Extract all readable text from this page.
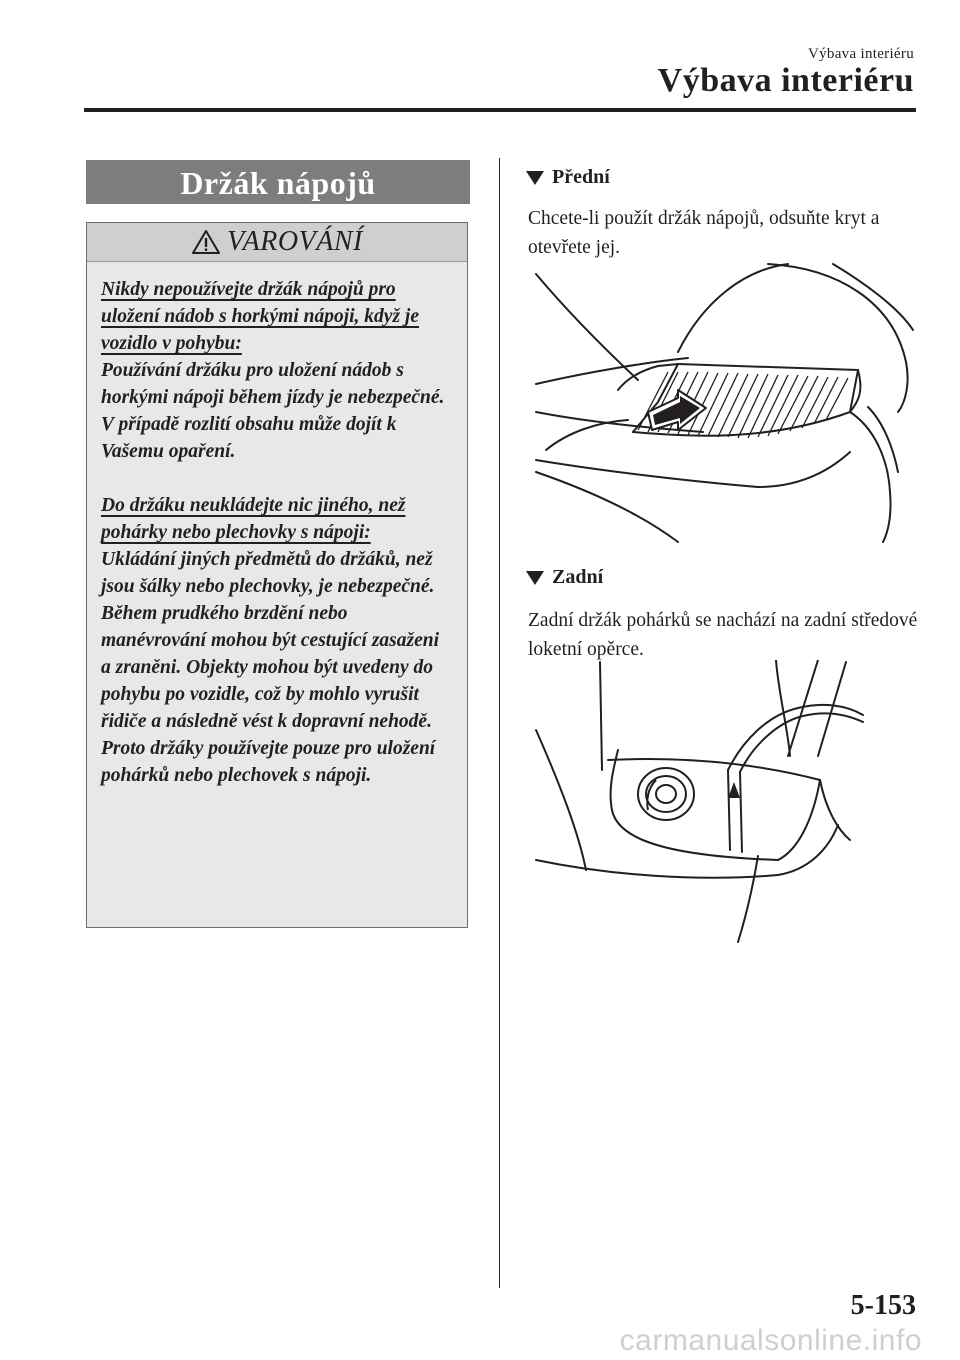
Výbava interiéru
Výbava interiéru
Držák nápojů
VAROVÁNÍ

Nikdy nepoužívejte držák nápojů pro uložení nádob s horkými nápoji, když je vozidlo v pohybu:

Používání držáku pro uložení nádob s horkými nápoji během jízdy je nebezpečné. V případě rozlití obsahu může dojít k Vašemu opaření.

Do držáku neukládejte nic jiného, než pohárky nebo plechovky s nápoji:

Ukládání jiných předmětů do držáků, než jsou šálky nebo plechovky, je nebezpečné. Během prudkého brzdění nebo manévrování mohou být cestující zasaženi a zraněni. Objekty mohou být uvedeny do pohybu po vozidle, což by mohlo vyrušit řidiče a následně vést k dopravní nehodě. Proto držáky používejte pouze pro uložení pohárků nebo plechovek s nápoji.

Přední
Chcete-li použít držák nápojů, odsuňte kryt a otevřete jej.
Zadní
Zadní držák pohárků se nachází na zadní středové loketní opěrce.
5-153
carmanualsonline.info
